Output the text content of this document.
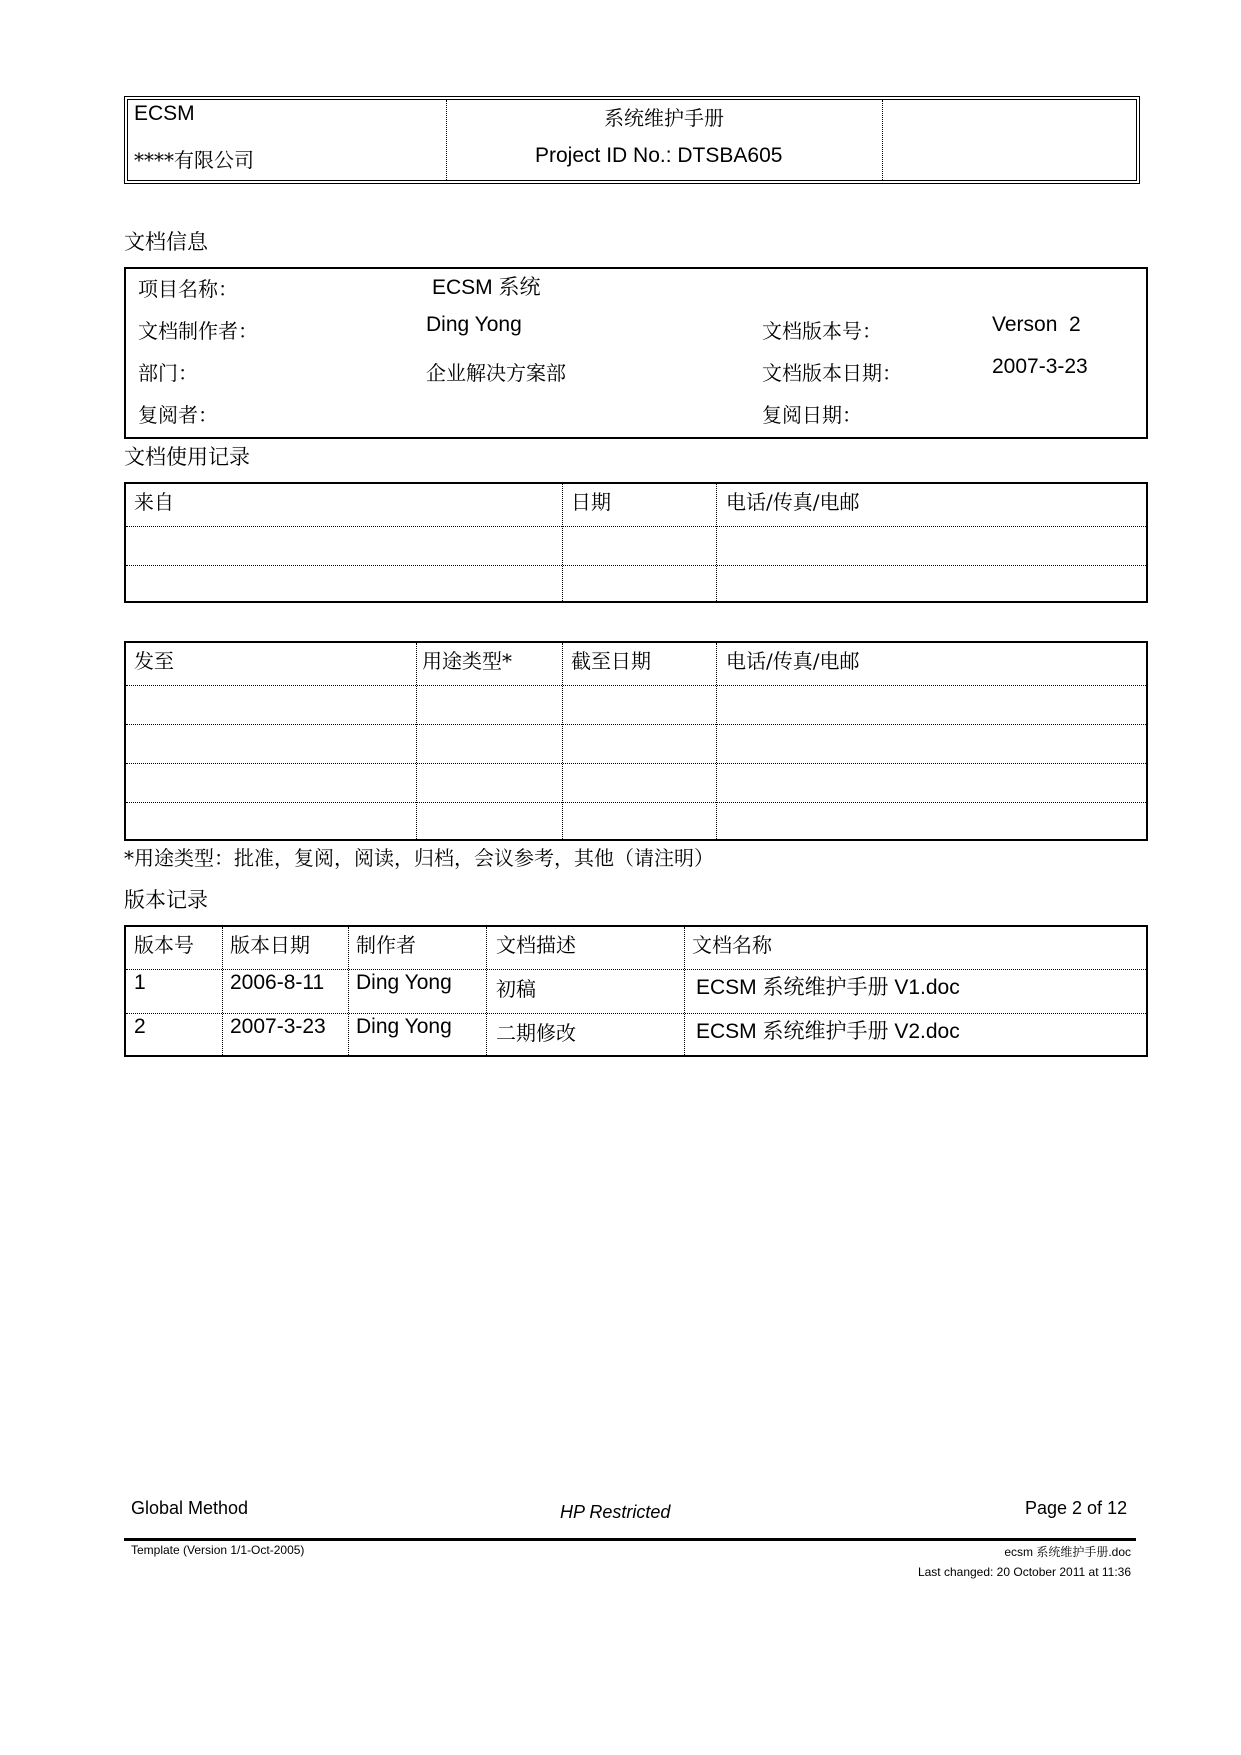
ECSM
****有限公司
系统维护手册
Project ID No.: DTSBA605
文档信息
项目名称：	ECSM 系统
文档制作者：	Ding Yong	文档版本号：	Verson  2
部门：	企业解决方案部	文档版本日期：	2007-3-23
复阅者：	复阅日期：
文档使用记录
来自	日期	电话/传真/电邮
发至	用途类型*	截至日期	电话/传真/电邮
*用途类型：批准，复阅，阅读，归档，会议参考，其他（请注明）
版本记录
版本号 版本日期 制作者	文档描述	文档名称
1	2006-8-11 Ding Yong 初稿	ECSM 系统维护手册 V1.doc
2	2007-3-23 Ding Yong 二期修改	ECSM 系统维护手册 V2.doc
Global Method	HP Restricted	Page 2 of 12
Template (Version 1/1-Oct-2005)	ecsm 系统维护手册.doc
Last changed: 20 October 2011 at 11:36
